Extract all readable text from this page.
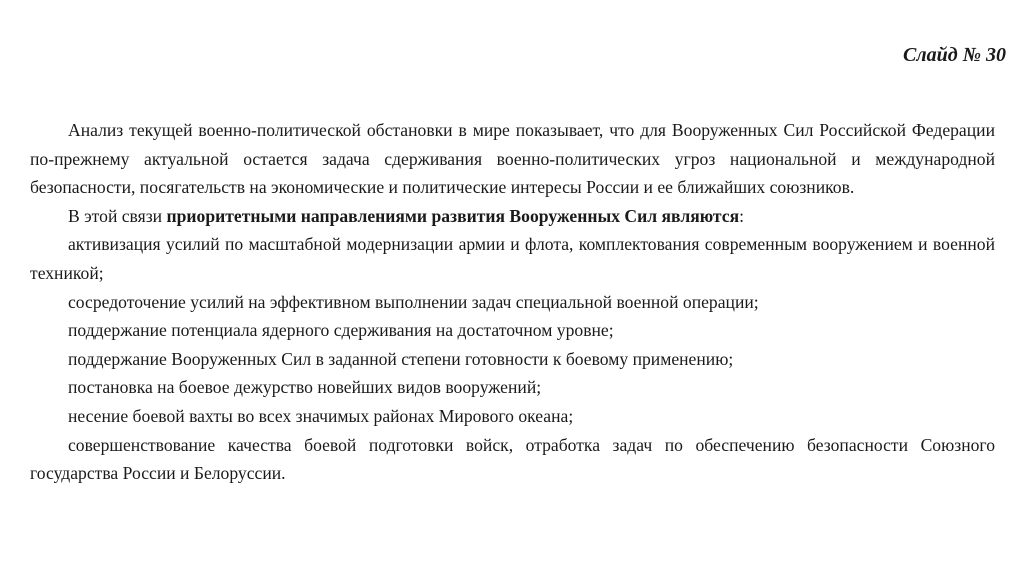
Слайд № 30

Анализ текущей военно-политической обстановки в мире показывает, что для Вооруженных Сил Российской Федерации по-прежнему актуальной остается задача сдерживания военно-политических угроз национальной и международной безопасности, посягательств на экономические и политические интересы России и ее ближайших союзников.

В этой связи приоритетными направлениями развития Вооруженных Сил являются:

активизация усилий по масштабной модернизации армии и флота, комплектования современным вооружением и военной техникой;

сосредоточение усилий на эффективном выполнении задач специальной военной операции;

поддержание потенциала ядерного сдерживания на достаточном уровне;

поддержание Вооруженных Сил в заданной степени готовности к боевому применению;

постановка на боевое дежурство новейших видов вооружений;

несение боевой вахты во всех значимых районах Мирового океана;

совершенствование качества боевой подготовки войск, отработка задач по обеспечению безопасности Союзного государства России и Белоруссии.
